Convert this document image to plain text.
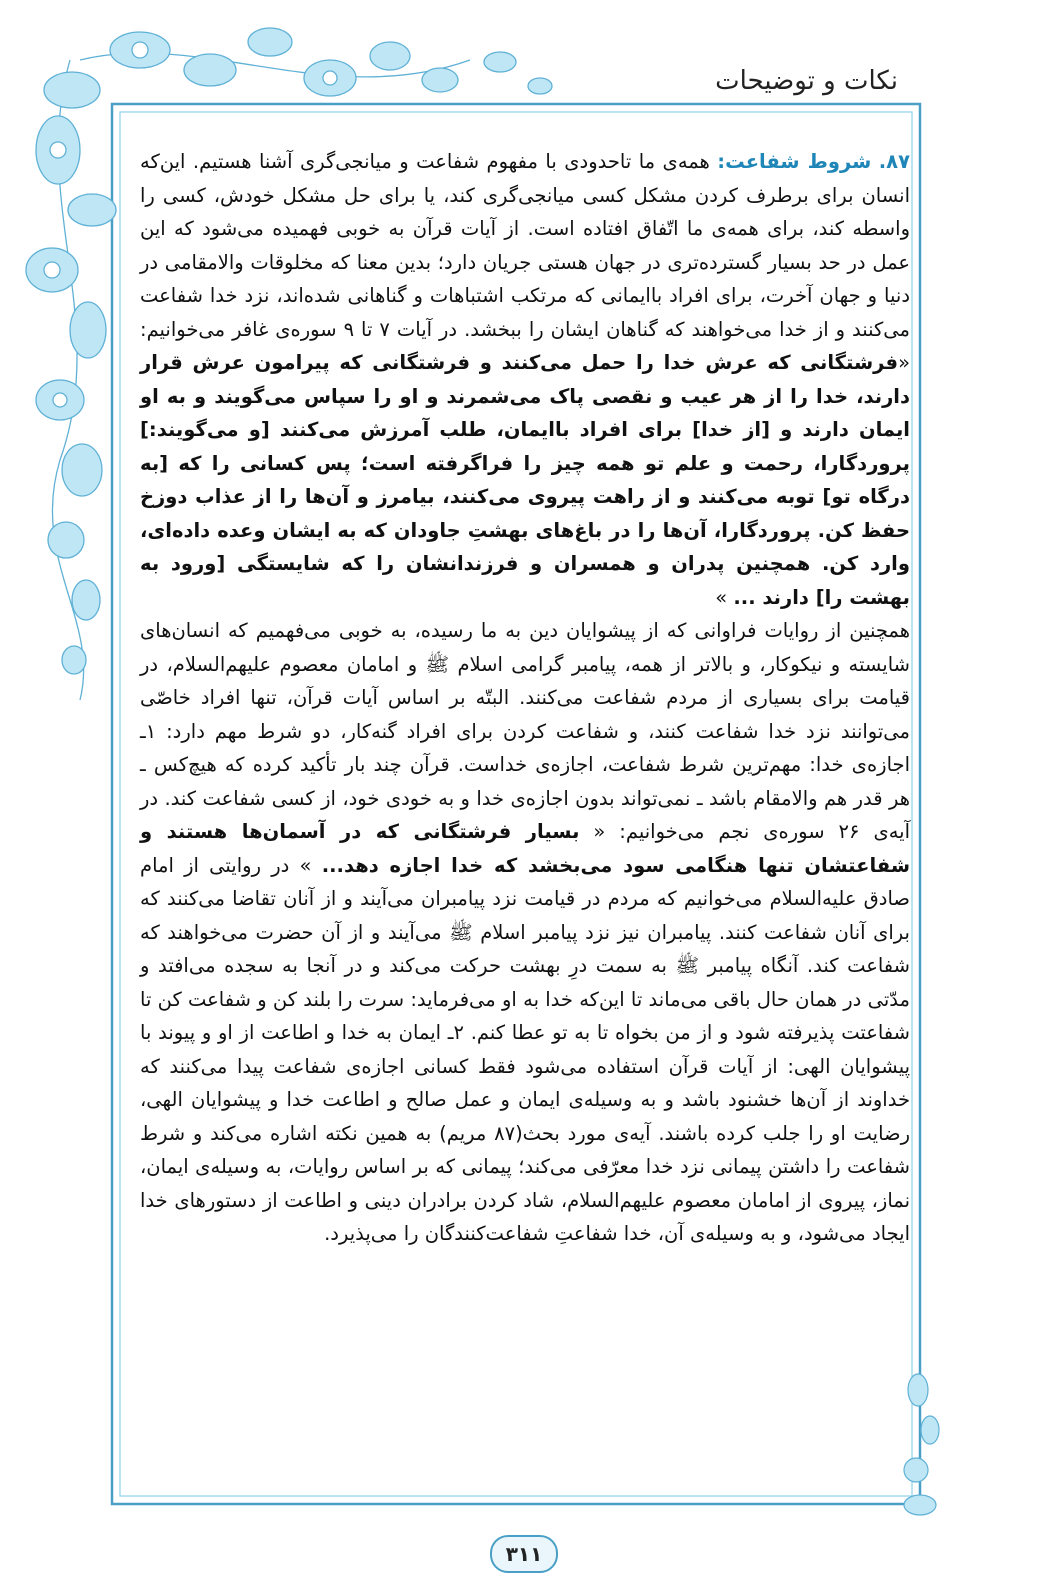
نکات و توضیحات

۸۷. شروط شفاعت: همه‌ی ما تاحدودی با مفهوم شفاعت و میانجی‌گری آشنا هستیم. این‌که انسان برای برطرف کردن مشکل کسی میانجی‌گری کند، یا برای حل مشکل خودش، کسی را واسطه کند، برای همه‌ی ما اتّفاق افتاده است. از آیات قرآن به خوبی فهمیده می‌شود که این عمل در حد بسیار گسترده‌تری در جهان هستی جریان دارد؛ بدین معنا که مخلوقات والامقامی در دنیا و جهان آخرت، برای افراد باایمانی که مرتکب اشتباهات و گناهانی شده‌اند، نزد خدا شفاعت می‌کنند و از خدا می‌خواهند که گناهان ایشان را ببخشد. در آیات ۷ تا ۹ سوره‌ی غافر می‌خوانیم: «فرشتگانی که عرش خدا را حمل می‌کنند و فرشتگانی که پیرامون عرش قرار دارند، خدا را از هر عیب و نقصی پاک می‌شمرند و او را سپاس می‌گویند و به او ایمان دارند و [از خدا] برای افراد باایمان، طلب آمرزش می‌کنند [و می‌گویند:] پروردگارا، رحمت و علم تو همه چیز را فراگرفته است؛ پس کسانی را که [به درگاه تو] توبه می‌کنند و از راهت پیروی می‌کنند، بیامرز و آن‌ها را از عذاب دوزخ حفظ کن. پروردگارا، آن‌ها را در باغ‌های بهشتِ جاودان که به ایشان وعده داده‌ای، وارد کن. همچنین پدران و همسران و فرزندانشان را که شایستگی [ورود به بهشت را] دارند ... »

همچنین از روایات فراوانی که از پیشوایان دین به ما رسیده، به خوبی می‌فهمیم که انسان‌های شایسته و نیکوکار، و بالاتر از همه، پیامبر گرامی اسلام ﷺ و امامان معصوم علیهم‌السلام، در قیامت برای بسیاری از مردم شفاعت می‌کنند. البتّه بر اساس آیات قرآن، تنها افراد خاصّی می‌توانند نزد خدا شفاعت کنند، و شفاعت کردن برای افراد گنه‌کار، دو شرط مهم دارد: ۱ـ اجازه‌ی خدا: مهم‌ترین شرط شفاعت، اجازه‌ی خداست. قرآن چند بار تأکید کرده که هیچ‌کس ـ هر قدر هم والامقام باشد ـ نمی‌تواند بدون اجازه‌ی خدا و به خودی خود، از کسی شفاعت کند. در آیه‌ی ۲۶ سوره‌ی نجم می‌خوانیم: « بسیار فرشتگانی که در آسمان‌ها هستند و شفاعتشان تنها هنگامی سود می‌بخشد که خدا اجازه دهد... » در روایتی از امام صادق علیه‌السلام می‌خوانیم که مردم در قیامت نزد پیامبران می‌آیند و از آنان تقاضا می‌کنند که برای آنان شفاعت کنند. پیامبران نیز نزد پیامبر اسلام ﷺ می‌آیند و از آن حضرت می‌خواهند که شفاعت کند. آنگاه پیامبر ﷺ به سمت درِ بهشت حرکت می‌کند و در آنجا به سجده می‌افتد و مدّتی در همان حال باقی می‌ماند تا این‌که خدا به او می‌فرماید: سرت را بلند کن و شفاعت کن تا شفاعتت پذیرفته شود و از من بخواه تا به تو عطا کنم. ۲ـ ایمان به خدا و اطاعت از او و پیوند با پیشوایان الهی: از آیات قرآن استفاده می‌شود فقط کسانی اجازه‌ی شفاعت پیدا می‌کنند که خداوند از آن‌ها خشنود باشد و به وسیله‌ی ایمان و عمل صالح و اطاعت خدا و پیشوایان الهی، رضایت او را جلب کرده باشند. آیه‌ی مورد بحث(۸۷ مریم) به همین نکته اشاره می‌کند و شرط شفاعت را داشتن پیمانی نزد خدا معرّفی می‌کند؛ پیمانی که بر اساس روایات، به وسیله‌ی ایمان، نماز، پیروی از امامان معصوم علیهم‌السلام، شاد کردن برادران دینی و اطاعت از دستورهای خدا ایجاد می‌شود، و به وسیله‌ی آن، خدا شفاعتِ شفاعت‌کنندگان را می‌پذیرد.

۳۱۱
